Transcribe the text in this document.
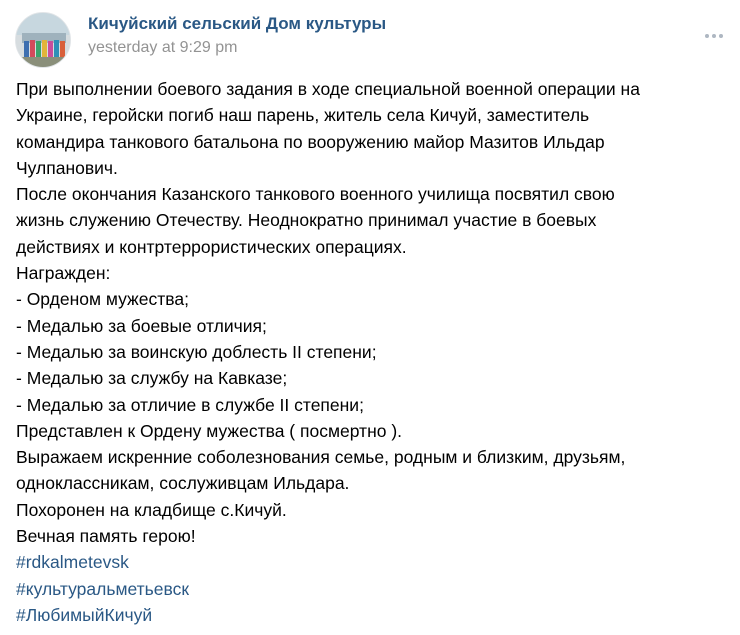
Кичуйский сельский Дом культуры
yesterday at 9:29 pm
При выполнении боевого задания в ходе специальной военной операции на
Украине, геройски погиб наш парень, житель села Кичуй, заместитель
командира танкового батальона по вооружению майор Мазитов Ильдар
Чулпанович.
После окончания Казанского танкового военного училища посвятил свою
жизнь служению Отечеству. Неоднократно принимал участие в боевых
действиях и контртеррористических операциях.
Награжден:
- Орденом мужества;
- Медалью за боевые отличия;
- Медалью за воинскую доблесть II степени;
- Медалью за службу на Кавказе;
- Медалью за отличие в службе II степени;
Представлен к Ордену мужества ( посмертно ).
Выражаем искренние соболезнования семье, родным и близким, друзьям,
одноклассникам, сослуживцам Ильдара.
Похоронен на кладбище с.Кичуй.
Вечная память герою!
#rdkalmetevsk
#культуральметьевск
#ЛюбимыйКичуй
